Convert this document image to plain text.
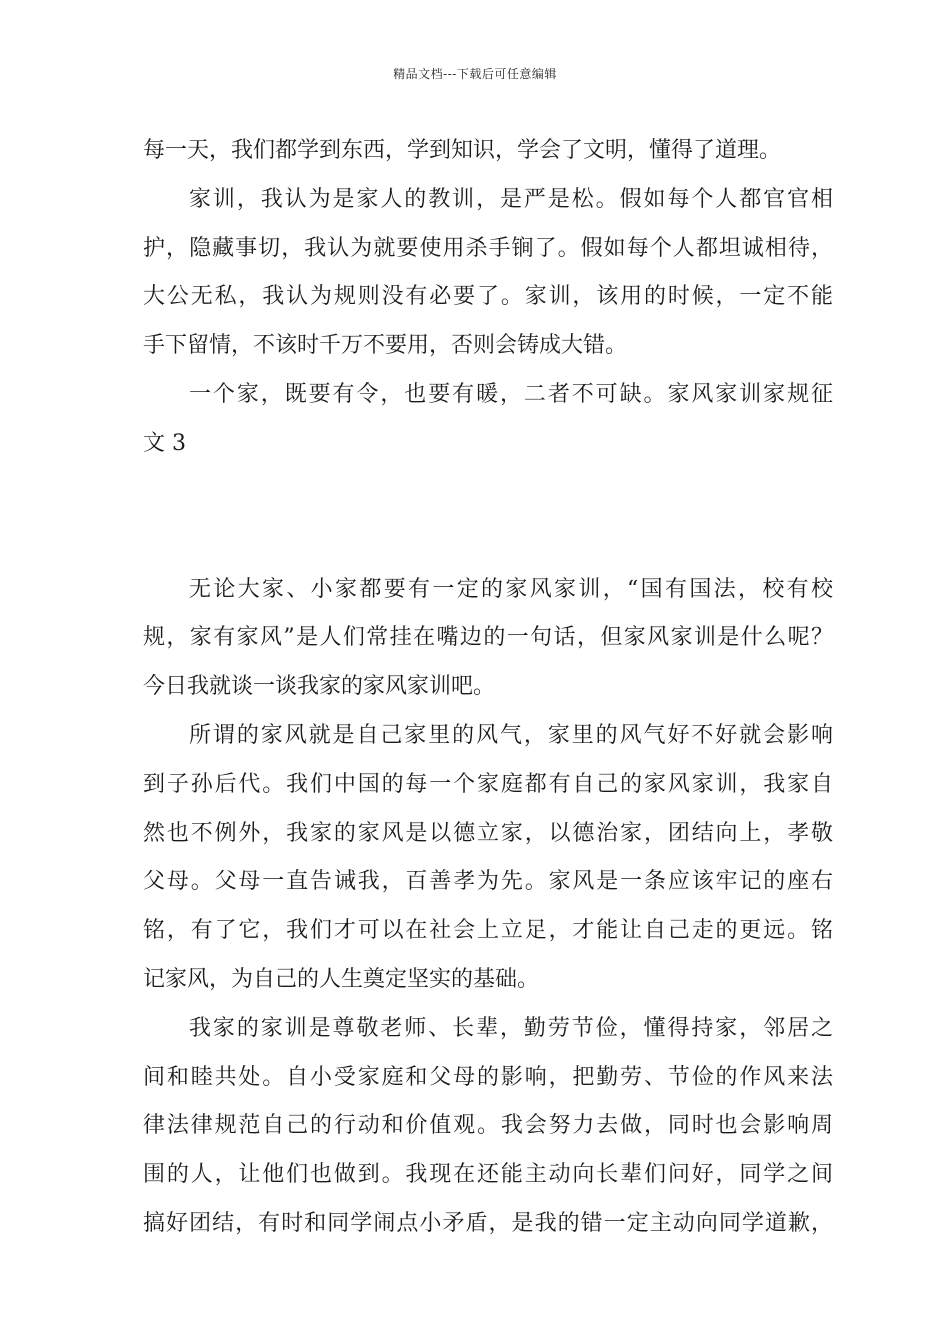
精品文档---下载后可任意编辑
每一天，我们都学到东西，学到知识，学会了文明，懂得了道理。
家训，我认为是家人的教训，是严是松。假如每个人都官官相
护，隐藏事切，我认为就要使用杀手锏了。假如每个人都坦诚相待，
大公无私，我认为规则没有必要了。家训，该用的时候，一定不能
手下留情，不该时千万不要用，否则会铸成大错。
一个家，既要有令，也要有暖，二者不可缺。家风家训家规征
文 3
无论大家、小家都要有一定的家风家训，“国有国法，校有校
规，家有家风”是人们常挂在嘴边的一句话，但家风家训是什么呢？
今日我就谈一谈我家的家风家训吧。
所谓的家风就是自己家里的风气，家里的风气好不好就会影响
到子孙后代。我们中国的每一个家庭都有自己的家风家训，我家自
然也不例外，我家的家风是以德立家，以德治家，团结向上，孝敬
父母。父母一直告诫我，百善孝为先。家风是一条应该牢记的座右
铭，有了它，我们才可以在社会上立足，才能让自己走的更远。铭
记家风，为自己的人生奠定坚实的基础。
我家的家训是尊敬老师、长辈，勤劳节俭，懂得持家，邻居之
间和睦共处。自小受家庭和父母的影响，把勤劳、节俭的作风来法
律法律规范自己的行动和价值观。我会努力去做，同时也会影响周
围的人，让他们也做到。我现在还能主动向长辈们问好，同学之间
搞好团结，有时和同学闹点小矛盾，是我的错一定主动向同学道歉，
